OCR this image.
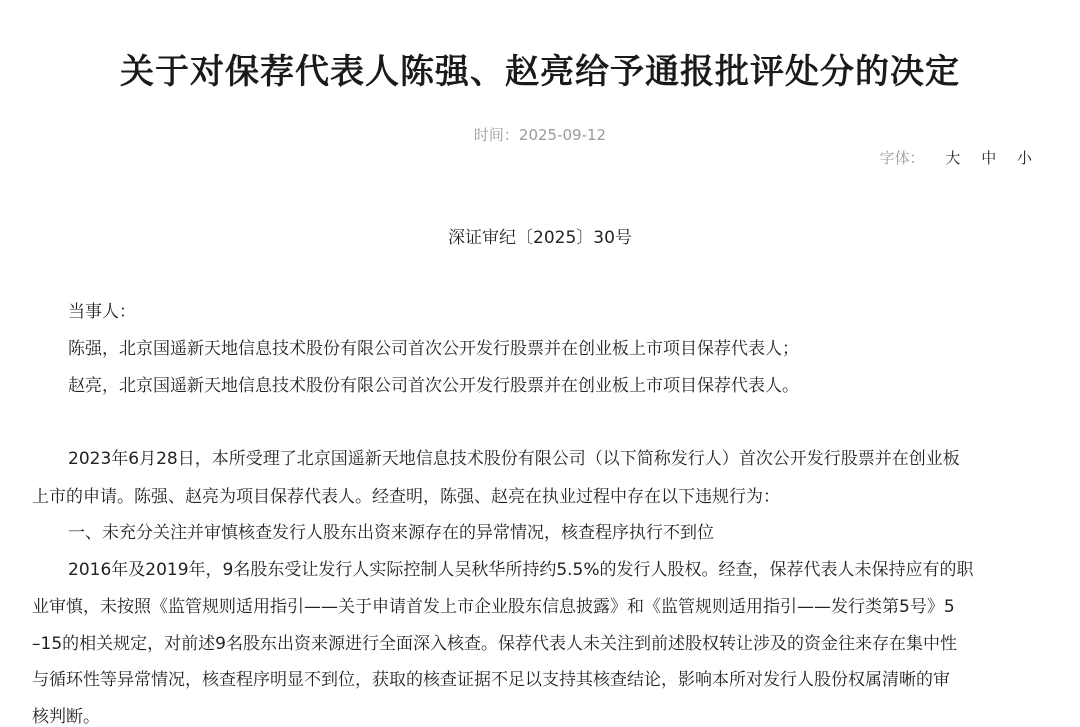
关于对保荐代表人陈强、赵亮给予通报批评处分的决定
时间：2025-09-12
字体： 大 中 小
深证审纪〔2025〕30号
当事人：
陈强，北京国遥新天地信息技术股份有限公司首次公开发行股票并在创业板上市项目保荐代表人；
赵亮，北京国遥新天地信息技术股份有限公司首次公开发行股票并在创业板上市项目保荐代表人。
2023年6月28日，本所受理了北京国遥新天地信息技术股份有限公司（以下简称发行人）首次公开发行股票并在创业板
上市的申请。陈强、赵亮为项目保荐代表人。经查明，陈强、赵亮在执业过程中存在以下违规行为：
一、未充分关注并审慎核查发行人股东出资来源存在的异常情况，核查程序执行不到位
2016年及2019年，9名股东受让发行人实际控制人吴秋华所持约5.5%的发行人股权。经查，保荐代表人未保持应有的职
业审慎，未按照《监管规则适用指引——关于申请首发上市企业股东信息披露》和《监管规则适用指引——发行类第5号》5
–15的相关规定，对前述9名股东出资来源进行全面深入核查。保荐代表人未关注到前述股权转让涉及的资金往来存在集中性
与循环性等异常情况，核查程序明显不到位，获取的核查证据不足以支持其核查结论，影响本所对发行人股份权属清晰的审
核判断。
